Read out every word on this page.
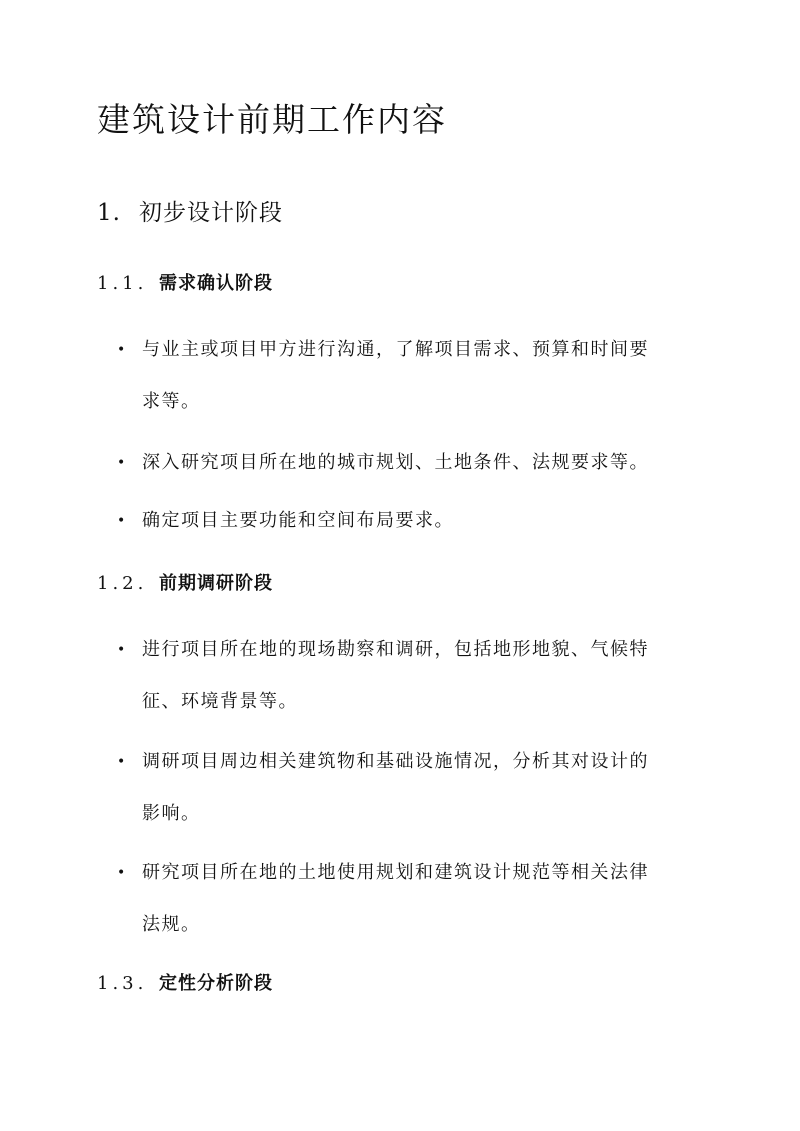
建筑设计前期工作内容
1. 初步设计阶段
1.1. 需求确认阶段
• 与业主或项目甲方进行沟通，了解项目需求、预算和时间要
求等。
• 深入研究项目所在地的城市规划、土地条件、法规要求等。
• 确定项目主要功能和空间布局要求。
1.2. 前期调研阶段
• 进行项目所在地的现场勘察和调研，包括地形地貌、气候特
征、环境背景等。
• 调研项目周边相关建筑物和基础设施情况，分析其对设计的
影响。
• 研究项目所在地的土地使用规划和建筑设计规范等相关法律
法规。
1.3. 定性分析阶段
